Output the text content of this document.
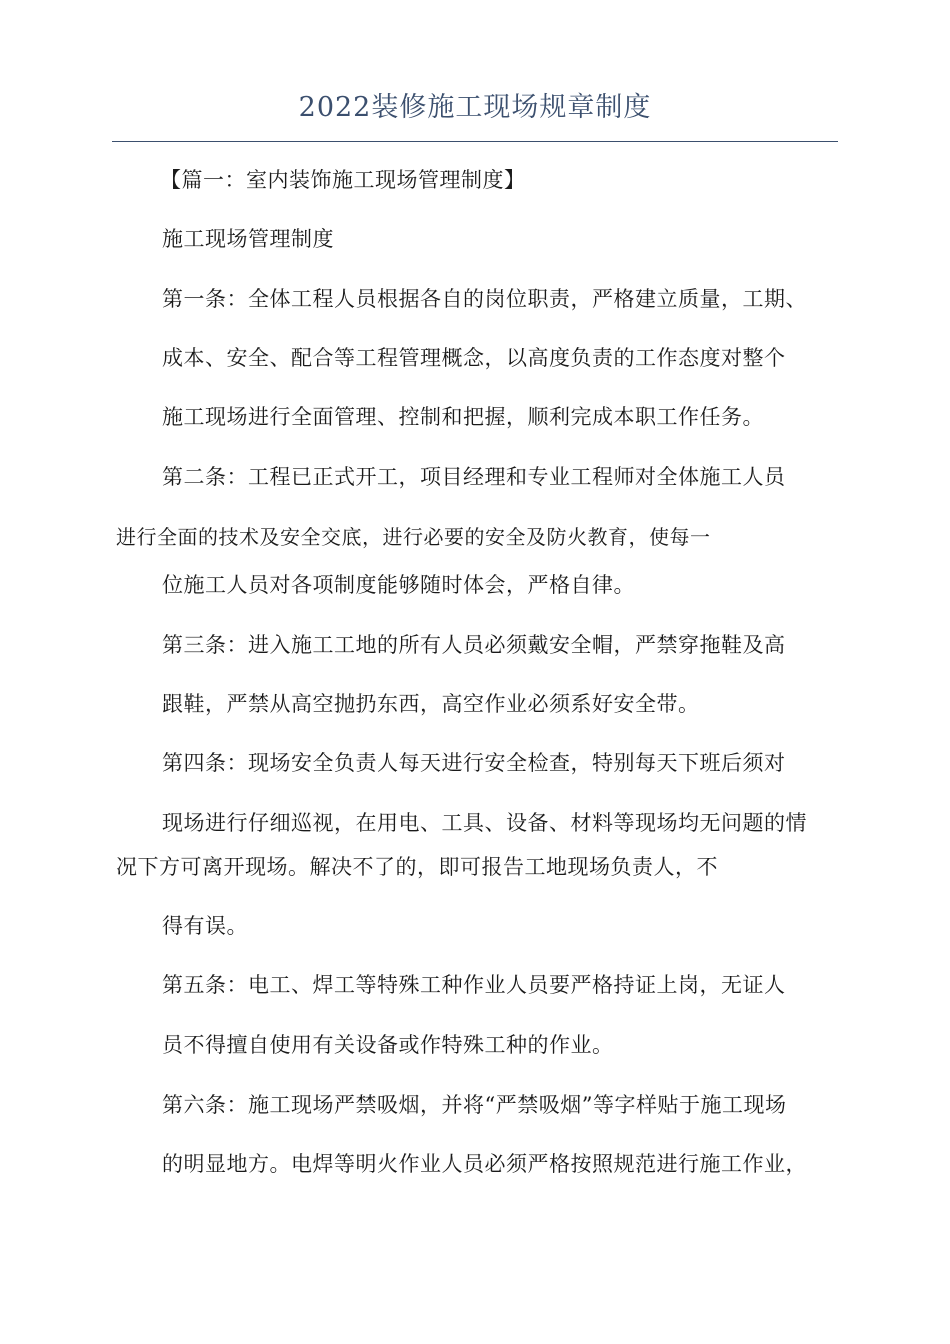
2022装修施工现场规章制度
【篇一：室内装饰施工现场管理制度】
施工现场管理制度
第一条：全体工程人员根据各自的岗位职责，严格建立质量，工期、
成本、安全、配合等工程管理概念，以高度负责的工作态度对整个
施工现场进行全面管理、控制和把握，顺利完成本职工作任务。
第二条：工程已正式开工，项目经理和专业工程师对全体施工人员
进行全面的技术及安全交底，进行必要的安全及防火教育，使每一
位施工人员对各项制度能够随时体会，严格自律。
第三条：进入施工工地的所有人员必须戴安全帽，严禁穿拖鞋及高
跟鞋，严禁从高空抛扔东西，高空作业必须系好安全带。
第四条：现场安全负责人每天进行安全检查，特别每天下班后须对
现场进行仔细巡视，在用电、工具、设备、材料等现场均无问题的情
况下方可离开现场。解决不了的，即可报告工地现场负责人，不
得有误。
第五条：电工、焊工等特殊工种作业人员要严格持证上岗，无证人
员不得擅自使用有关设备或作特殊工种的作业。
第六条：施工现场严禁吸烟，并将“严禁吸烟”等字样贴于施工现场
的明显地方。电焊等明火作业人员必须严格按照规范进行施工作业，
